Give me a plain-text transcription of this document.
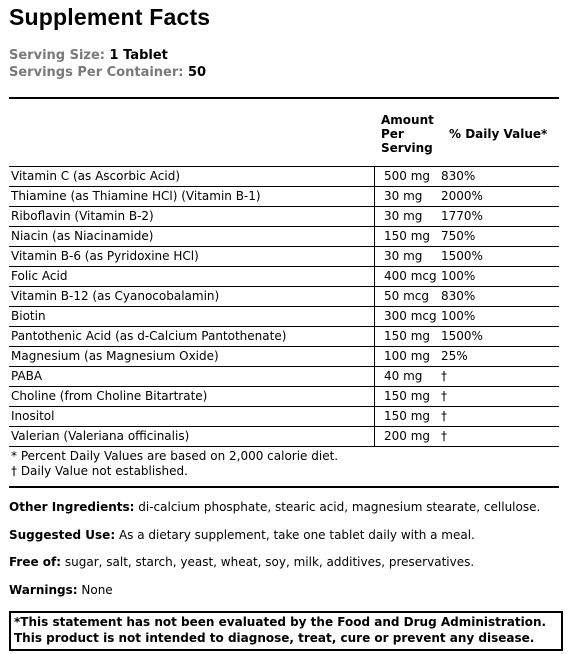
Supplement Facts
Serving Size: 1 Tablet
Servings Per Container: 50
Amount
Per
Serving
% Daily Value*
Vitamin C (as Ascorbic Acid)	500 mg 830%
Thiamine (as Thiamine HCl) (Vitamin B-1)	30 mg 2000%
Riboflavin (Vitamin B-2)	30 mg 1770%
Niacin (as Niacinamide)	150 mg 750%
Vitamin B-6 (as Pyridoxine HCl)	30 mg 1500%
Folic Acid	400 mcg 100%
Vitamin B-12 (as Cyanocobalamin)	50 mcg 830%
Biotin	300 mcg 100%
Pantothenic Acid (as d-Calcium Pantothenate)	150 mg 1500%
Magnesium (as Magnesium Oxide)	100 mg 25%
PABA	40 mg †
Choline (from Choline Bitartrate)	150 mg †
Inositol	150 mg †
Valerian (Valeriana officinalis)	200 mg †
* Percent Daily Values are based on 2,000 calorie diet.
† Daily Value not established.
Other Ingredients: di-calcium phosphate, stearic acid, magnesium stearate, cellulose.
Suggested Use: As a dietary supplement, take one tablet daily with a meal.
Free of: sugar, salt, starch, yeast, wheat, soy, milk, additives, preservatives.
Warnings: None
*This statement has not been evaluated by the Food and Drug Administration. This product is not intended to diagnose, treat, cure or prevent any disease.
